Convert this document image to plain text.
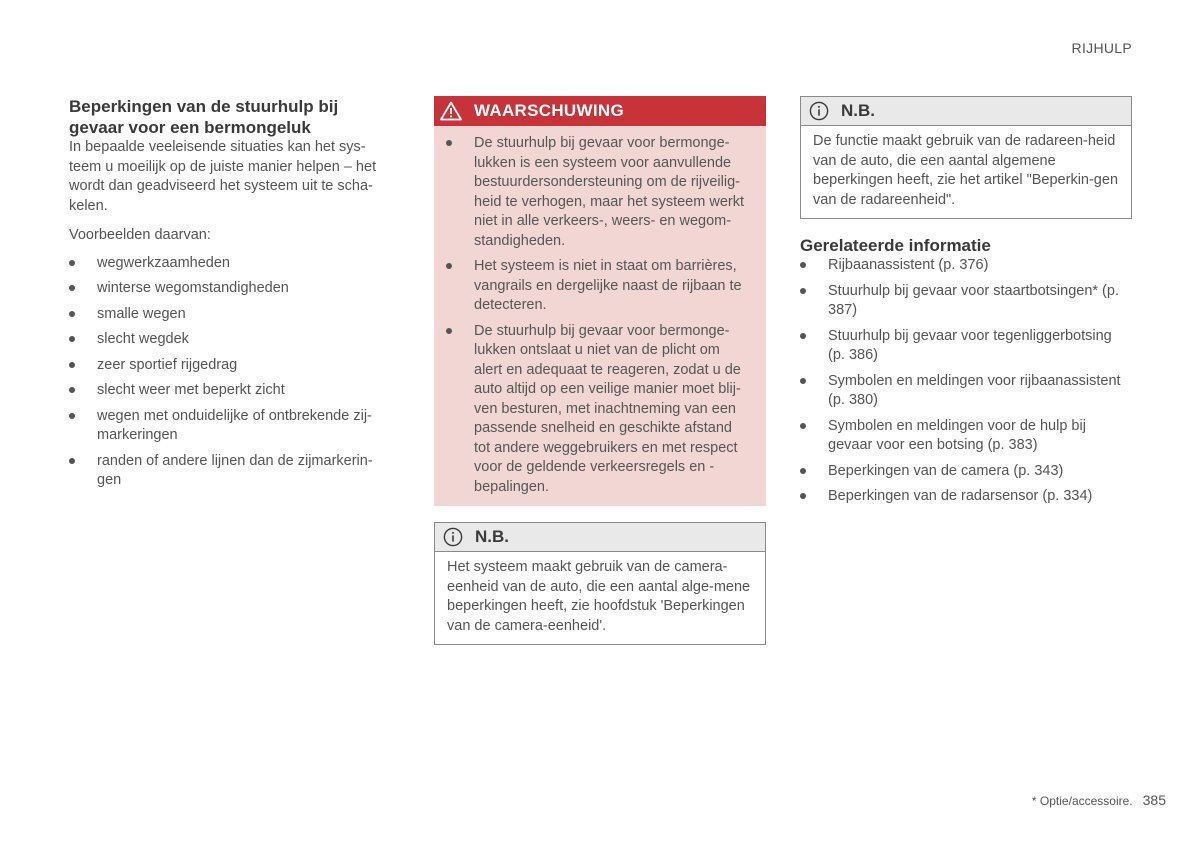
RIJHULP
Beperkingen van de stuurhulp bij gevaar voor een bermongeluk

In bepaalde veeleisende situaties kan het sys-teem u moeilijk op de juiste manier helpen – het wordt dan geadviseerd het systeem uit te scha-kelen.

Voorbeelden daarvan:

wegwerkzaamheden
winterse wegomstandigheden
smalle wegen
slecht wegdek
zeer sportief rijgedrag
slecht weer met beperkt zicht
wegen met onduidelijke of ontbrekende zij-markeringen
randen of andere lijnen dan de zijmarkerin-gen
WAARSCHUWING
De stuurhulp bij gevaar voor bermonge-lukken is een systeem voor aanvullende bestuurdersondersteuning om de rijveilig-heid te verhogen, maar het systeem werkt niet in alle verkeers-, weers- en wegom-standigheden.
Het systeem is niet in staat om barrières, vangrails en dergelijke naast de rijbaan te detecteren.
De stuurhulp bij gevaar voor bermonge-lukken ontslaat u niet van de plicht om alert en adequaat te reageren, zodat u de auto altijd op een veilige manier moet blij-ven besturen, met inachtneming van een passende snelheid en geschikte afstand tot andere weggebruikers en met respect voor de geldende verkeersregels en -bepalingen.
N.B.

Het systeem maakt gebruik van de camera-eenheid van de auto, die een aantal alge-mene beperkingen heeft, zie hoofdstuk 'Beperkingen van de camera-eenheid'.

N.B.

De functie maakt gebruik van de radareen-heid van de auto, die een aantal algemene beperkingen heeft, zie het artikel "Beperkin-gen van de radareenheid".

Gerelateerde informatie
Rijbaanassistent (p. 376)
Stuurhulp bij gevaar voor staartbotsingen* (p. 387)
Stuurhulp bij gevaar voor tegenliggerbotsing (p. 386)
Symbolen en meldingen voor rijbaanassistent (p. 380)
Symbolen en meldingen voor de hulp bij gevaar voor een botsing (p. 383)
Beperkingen van de camera (p. 343)
Beperkingen van de radarsensor (p. 334)
* Optie/accessoire. 385
